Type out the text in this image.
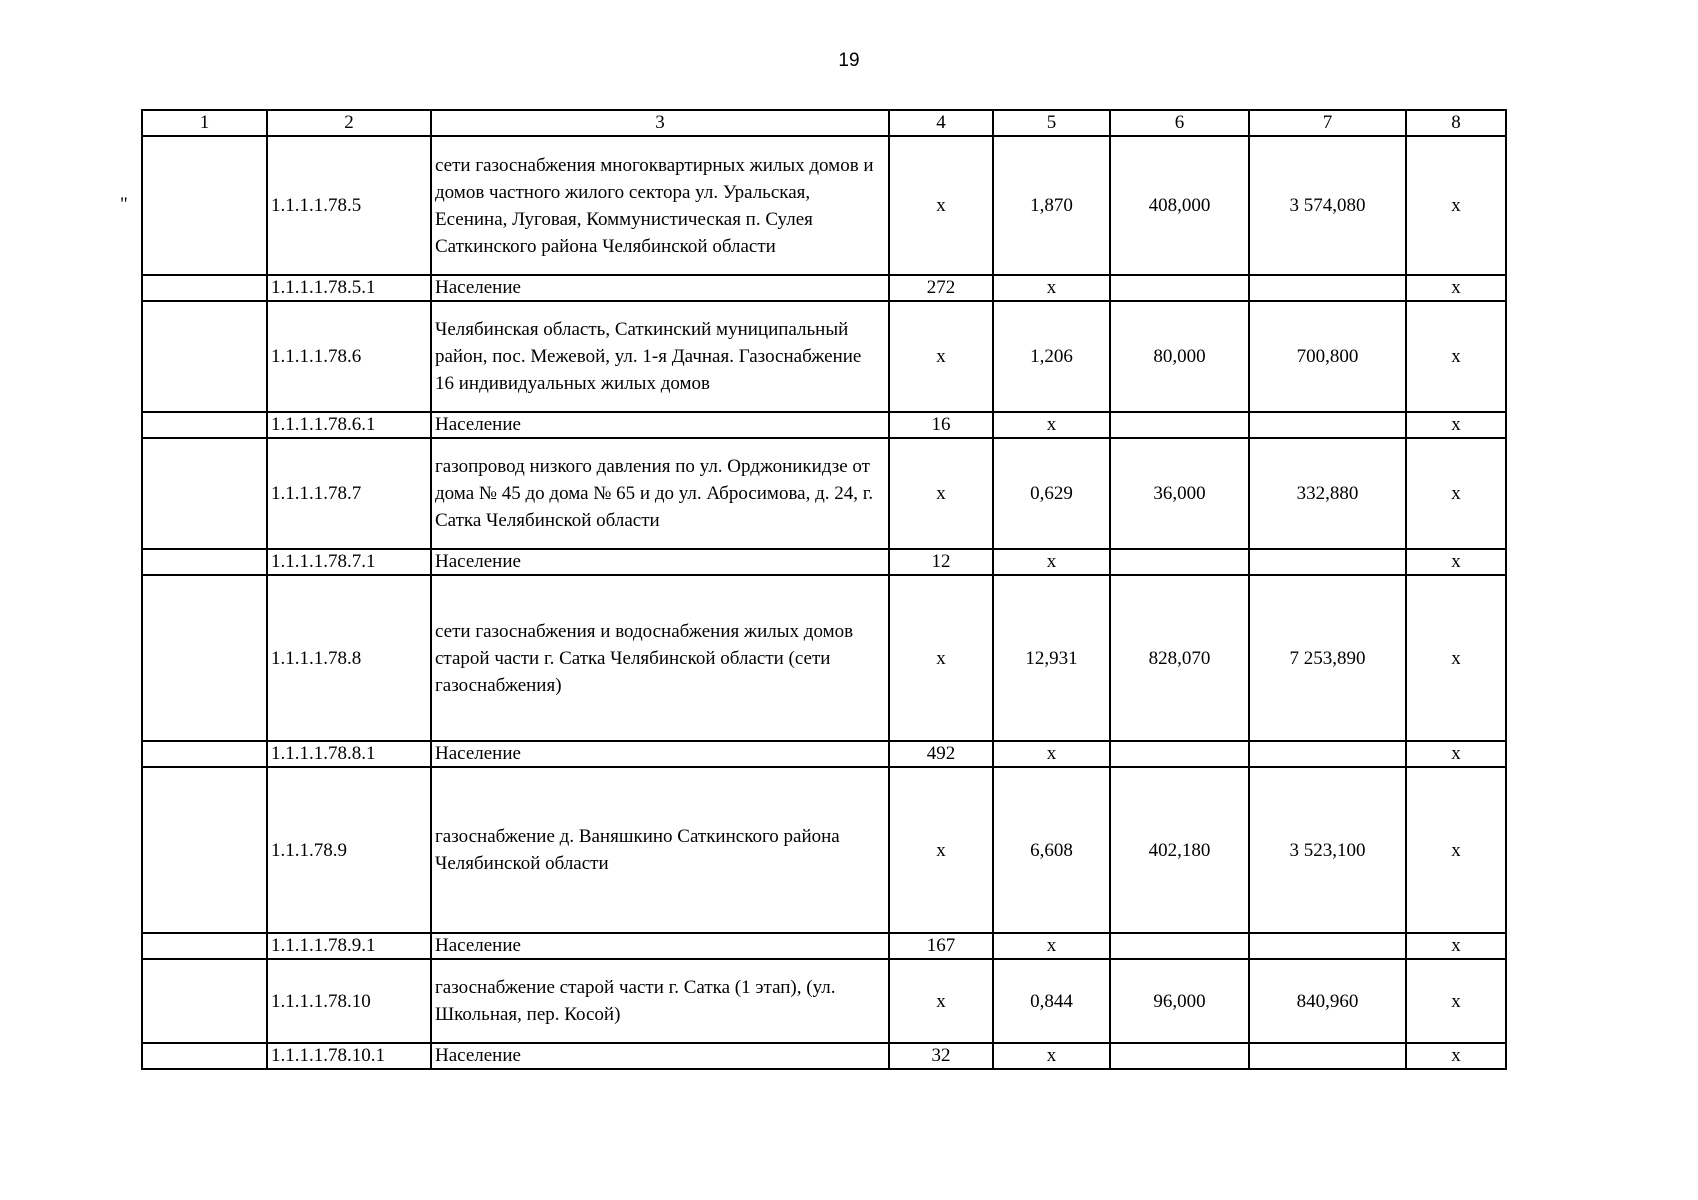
19
"
1	2	3	4	5	6	7	8
	1.1.1.1.78.5	сети газоснабжения многоквартирных жилых домов и домов частного жилого сектора ул. Уральская, Есенина, Луговая, Коммунистическая п. Сулея Саткинского района Челябинской области	х	1,870	408,000	3 574,080	х
	1.1.1.1.78.5.1	Население	272	х			х
	1.1.1.1.78.6	Челябинская область, Саткинский муниципальный район, пос. Межевой, ул. 1-я Дачная. Газоснабжение 16 индивидуальных жилых домов	х	1,206	80,000	700,800	х
	1.1.1.1.78.6.1	Население	16	х			х
	1.1.1.1.78.7	газопровод низкого давления по ул. Орджоникидзе от дома № 45 до дома № 65 и до ул. Абросимова, д. 24, г. Сатка Челябинской области	х	0,629	36,000	332,880	х
	1.1.1.1.78.7.1	Население	12	х			х
	1.1.1.1.78.8	сети газоснабжения и водоснабжения жилых домов старой части г. Сатка Челябинской области (сети газоснабжения)	х	12,931	828,070	7 253,890	х
	1.1.1.1.78.8.1	Население	492	х			х
	1.1.1.78.9	газоснабжение д. Ваняшкино Саткинского района Челябинской области	х	6,608	402,180	3 523,100	х
	1.1.1.1.78.9.1	Население	167	х			х
	1.1.1.1.78.10	газоснабжение старой части г. Сатка (1 этап), (ул. Школьная, пер. Косой)	х	0,844	96,000	840,960	х
	1.1.1.1.78.10.1	Население	32	х			х
